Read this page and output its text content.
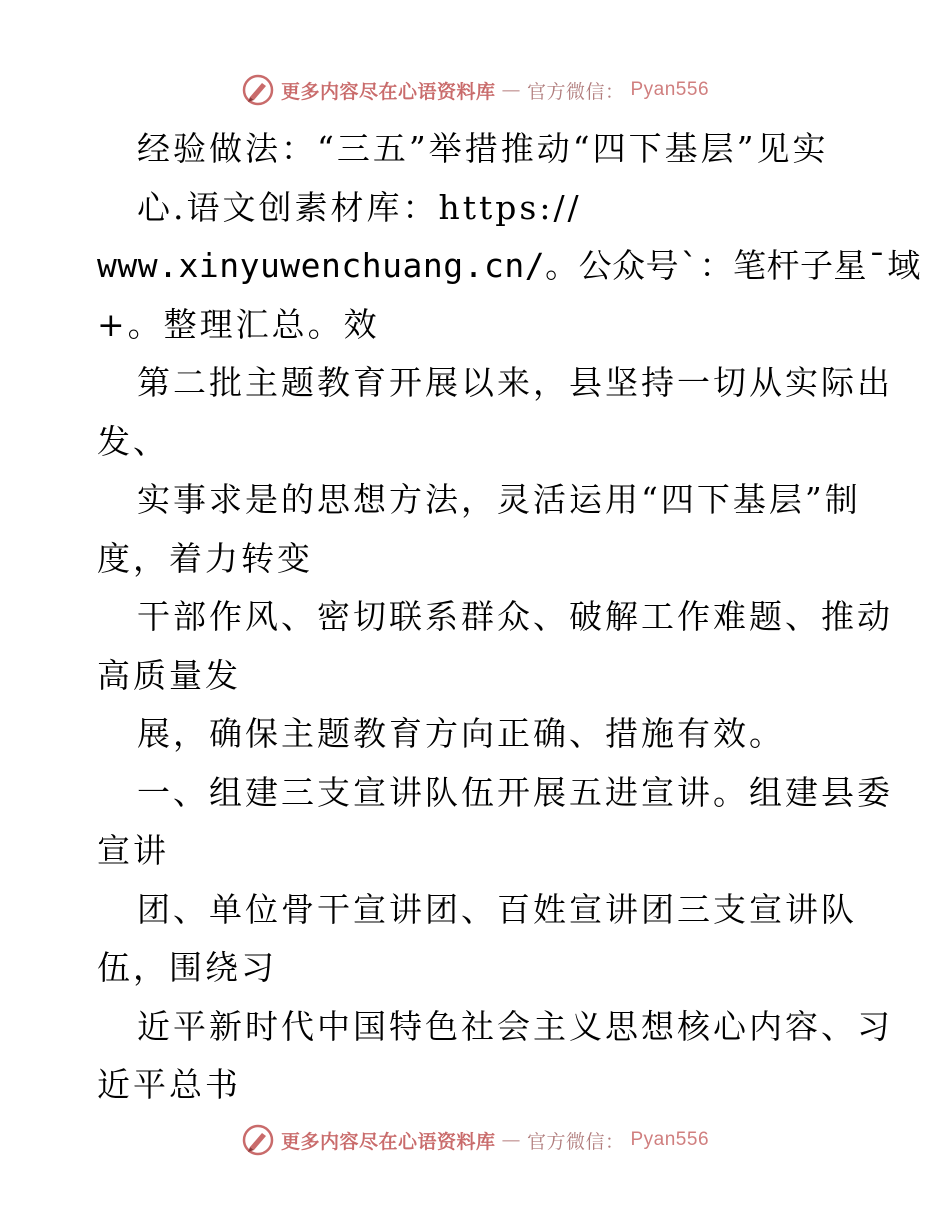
更多内容尽在心语资料库 — 官方微信： Pyan556
经验做法：“三五”举措推动“四下基层”见实
心.语文创素材库：https://
www.xinyuwenchuang.cn/。公众号`：笔杆子星¯域
+。整理汇总。效
第二批主题教育开展以来，县坚持一切从实际出
发、
实事求是的思想方法，灵活运用“四下基层”制
度，着力转变
干部作风、密切联系群众、破解工作难题、推动
高质量发
展，确保主题教育方向正确、措施有效。
一、组建三支宣讲队伍开展五进宣讲。组建县委
宣讲
团、单位骨干宣讲团、百姓宣讲团三支宣讲队
伍，围绕习
近平新时代中国特色社会主义思想核心内容、习
近平总书
更多内容尽在心语资料库 — 官方微信： Pyan556
